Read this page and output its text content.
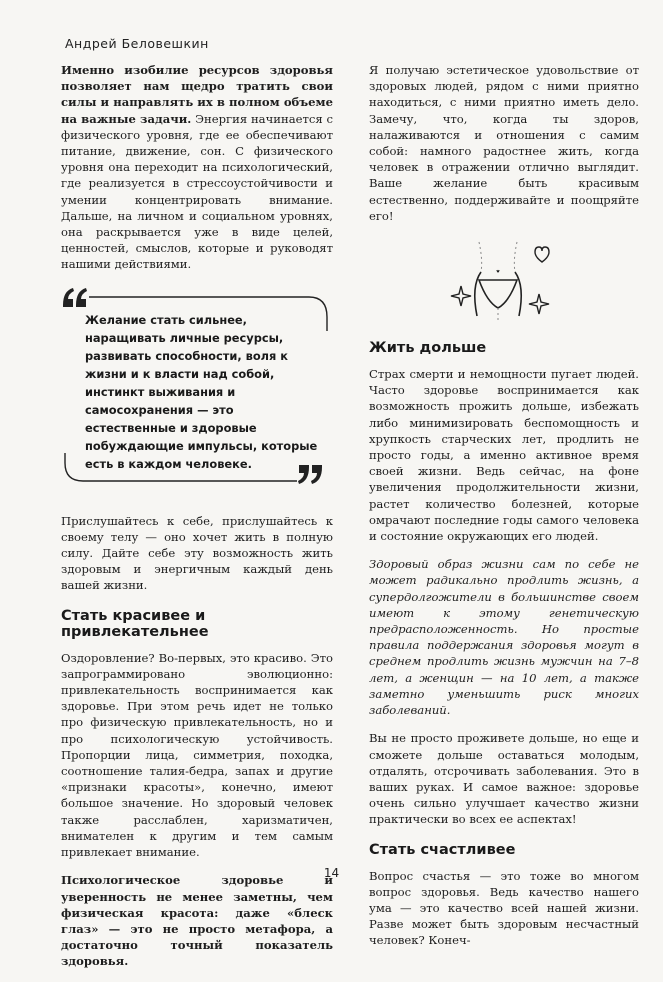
Андрей Беловешкин

Именно изобилие ресурсов здоровья позволяет нам щедро тратить свои силы и направлять их в полном объеме на важные задачи. Энергия начинается с физического уровня, где ее обеспечивают питание, движение, сон. С физического уровня она переходит на психологический, где реализуется в стрессоустойчивости и умении концентрировать внимание. Дальше, на личном и социальном уровнях, она раскрывается уже в виде целей, ценностей, смыслов, которые и руководят нашими действиями.

Желание стать сильнее, наращивать личные ресурсы, развивать способности, воля к жизни и к власти над собой, инстинкт выживания и самосохранения — это естественные и здоровые побуждающие импульсы, которые есть в каждом человеке.

Прислушайтесь к себе, прислушайтесь к своему телу — оно хочет жить в полную силу. Дайте себе эту возможность жить здоровым и энергичным каждый день вашей жизни.

Стать красивее и привлекательнее

Оздоровление? Во-первых, это красиво. Это запрограммировано эволюционно: привлекательность воспринимается как здоровье. При этом речь идет не только про физическую привлекательность, но и про психологическую устойчивость. Пропорции лица, симметрия, походка, соотношение талия-бедра, запах и другие «признаки красоты», конечно, имеют большое значение. Но здоровый человек также расслаблен, харизматичен, внимателен к другим и тем самым привлекает внимание.

Психологическое здоровье и уверенность не менее заметны, чем физическая красота: даже «блеск глаз» — это не просто метафора, а достаточно точный показатель здоровья.

Я получаю эстетическое удовольствие от здоровых людей, рядом с ними приятно находиться, с ними приятно иметь дело. Замечу, что, когда ты здоров, налаживаются и отношения с самим собой: намного радостнее жить, когда человек в отражении отлично выглядит. Ваше желание быть красивым естественно, поддерживайте и поощряйте его!

Жить дольше

Страх смерти и немощности пугает людей. Часто здоровье воспринимается как возможность прожить дольше, избежать либо минимизировать беспомощность и хрупкость старческих лет, продлить не просто годы, а именно активное время своей жизни. Ведь сейчас, на фоне увеличения продолжительности жизни, растет количество болезней, которые омрачают последние годы самого человека и состояние окружающих его людей.

Здоровый образ жизни сам по себе не может радикально продлить жизнь, а супердолгожители в большинстве своем имеют к этому генетическую предрасположенность. Но простые правила поддержания здоровья могут в среднем продлить жизнь мужчин на 7–8 лет, а женщин — на 10 лет, а также заметно уменьшить риск многих заболеваний.

Вы не просто проживете дольше, но еще и сможете дольше оставаться молодым, отдалять, отсрочивать заболевания. Это в ваших руках. И самое важное: здоровье очень сильно улучшает качество жизни практически во всех ее аспектах!

Стать счастливее

Вопрос счастья — это тоже во многом вопрос здоровья. Ведь качество нашего ума — это качество всей нашей жизни. Разве может быть здоровым несчастный человек? Конеч-

14
